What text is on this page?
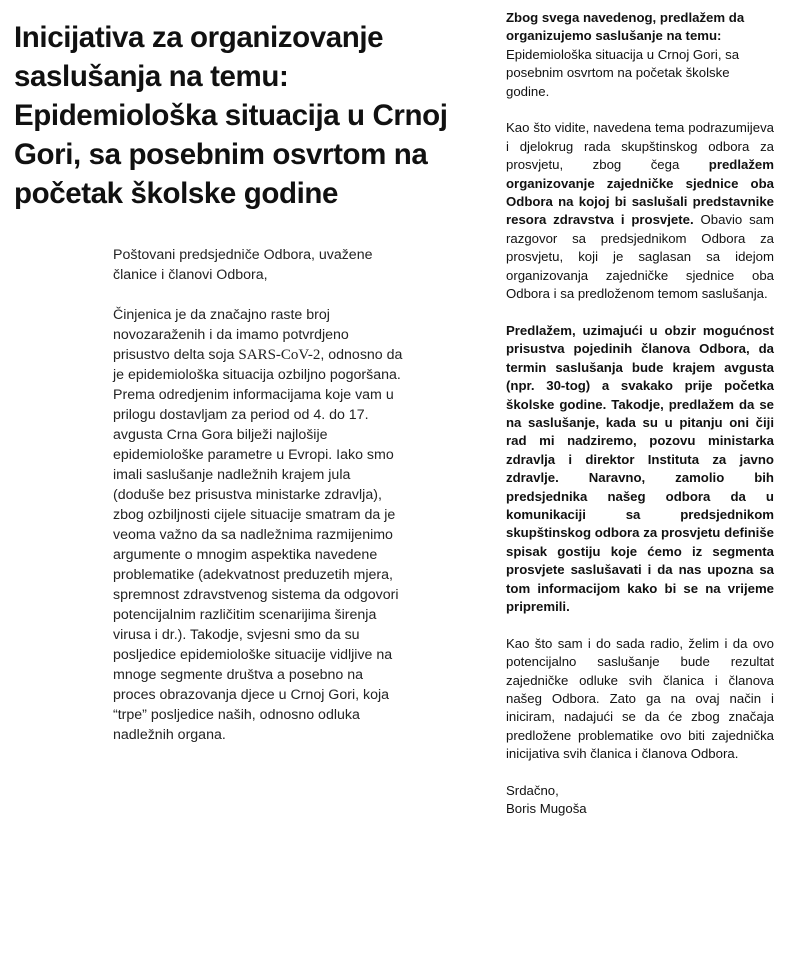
Inicijativa za organizovanje saslušanja na temu: Epidemiološka situacija u Crnoj Gori, sa posebnim osvrtom na početak školske godine

Poštovani predsjedniče Odbora, uvažene članice i članovi Odbora,

Činjenica je da značajno raste broj novozaraženih i da imamo potvrdjeno prisustvo delta soja SARS-CoV-2, odnosno da je epidemiološka situacija ozbiljno pogoršana. Prema odredjenim informacijama koje vam u prilogu dostavljam za period od 4. do 17. avgusta Crna Gora bilježi najlošije epidemiološke parametre u Evropi. Iako smo imali saslušanje nadležnih krajem jula (doduše bez prisustva ministarke zdravlja), zbog ozbiljnosti cijele situacije smatram da je veoma važno da sa nadležnima razmijenimo argumente o mnogim aspektika navedene problematike (adekvatnost preduzetih mjera, spremnost zdravstvenog sistema da odgovori potencijalnim različitim scenarijima širenja virusa i dr.). Takodje, svjesni smo da su posljedice epidemiološke situacije vidljive na mnoge segmente društva a posebno na proces obrazovanja djece u Crnoj Gori, koja “trpe” posljedice naših, odnosno odluka nadležnih organa.

Zbog svega navedenog, predlažem da organizujemo saslušanje na temu: Epidemiološka situacija u Crnoj Gori, sa posebnim osvrtom na početak školske godine.

Kao što vidite, navedena tema podrazumijeva i djelokrug rada skupštinskog odbora za prosvjetu, zbog čega predlažem organizovanje zajedničke sjednice oba Odbora na kojoj bi saslušali predstavnike resora zdravstva i prosvjete. Obavio sam razgovor sa predsjednikom Odbora za prosvjetu, koji je saglasan sa idejom organizovanja zajedničke sjednice oba Odbora i sa predloženom temom saslušanja.

Predlažem, uzimajući u obzir mogućnost prisustva pojedinih članova Odbora, da termin saslušanja bude krajem avgusta (npr. 30-tog) a svakako prije početka školske godine. Takodje, predlažem da se na saslušanje, kada su u pitanju oni čiji rad mi nadziremo, pozovu ministarka zdravlja i direktor Instituta za javno zdravlje. Naravno, zamolio bih predsjednika našeg odbora da u komunikaciji sa predsjednikom skupštinskog odbora za prosvjetu definiše spisak gostiju koje ćemo iz segmenta prosvjete saslušavati i da nas upozna sa tom informacijom kako bi se na vrijeme pripremili.

Kao što sam i do sada radio, želim i da ovo potencijalno saslušanje bude rezultat zajedničke odluke svih članica i članova našeg Odbora. Zato ga na ovaj način i iniciram, nadajući se da će zbog značaja predložene problematike ovo biti zajednička inicijativa svih članica i članova Odbora.

Srdačno,
Boris Mugoša
